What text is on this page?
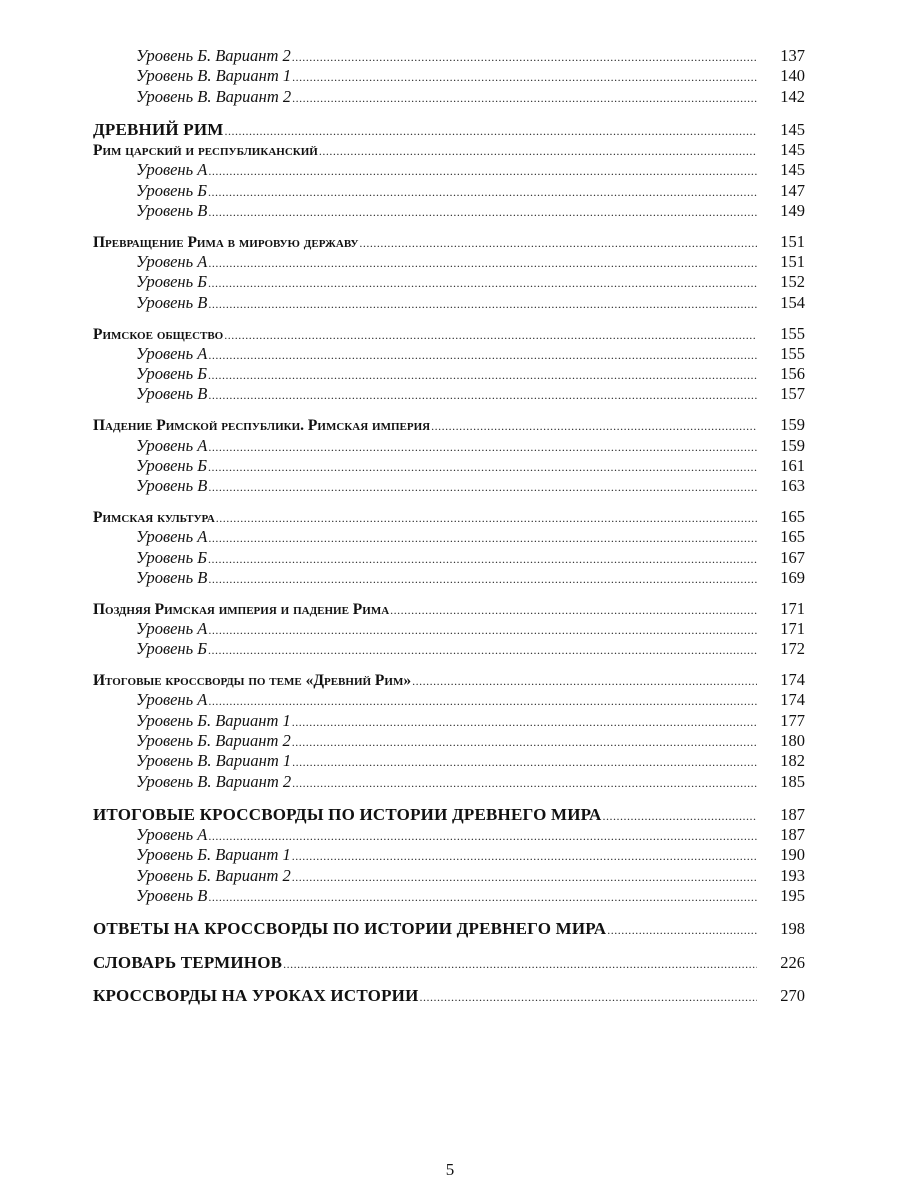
Уровень Б. Вариант 2 .....	137
Уровень В. Вариант 1 .....	140
Уровень В. Вариант 2 .....	142
ДРЕВНИЙ РИМ .....	145
Рим царский и республиканский .....	145
Уровень А .....	145
Уровень Б .....	147
Уровень В .....	149
Превращение Рима в мировую державу .....	151
Уровень А .....	151
Уровень Б .....	152
Уровень В .....	154
Римское общество .....	155
Уровень А .....	155
Уровень Б .....	156
Уровень В .....	157
Падение Римской республики. Римская империя .....	159
Уровень А .....	159
Уровень Б .....	161
Уровень В .....	163
Римская культура .....	165
Уровень А .....	165
Уровень Б .....	167
Уровень В .....	169
Поздняя Римская империя и падение Рима .....	171
Уровень А .....	171
Уровень Б .....	172
Итоговые кроссворды по теме «Древний Рим» .....	174
Уровень А .....	174
Уровень Б. Вариант 1 .....	177
Уровень Б. Вариант 2 .....	180
Уровень В. Вариант 1 .....	182
Уровень В. Вариант 2 .....	185
ИТОГОВЫЕ КРОССВОРДЫ ПО ИСТОРИИ ДРЕВНЕГО МИРА .....	187
Уровень А .....	187
Уровень Б. Вариант 1 .....	190
Уровень Б. Вариант 2 .....	193
Уровень В .....	195
ОТВЕТЫ НА КРОССВОРДЫ ПО ИСТОРИИ ДРЕВНЕГО МИРА .....	198
СЛОВАРЬ ТЕРМИНОВ .....	226
КРОССВОРДЫ НА УРОКАХ ИСТОРИИ .....	270
5
